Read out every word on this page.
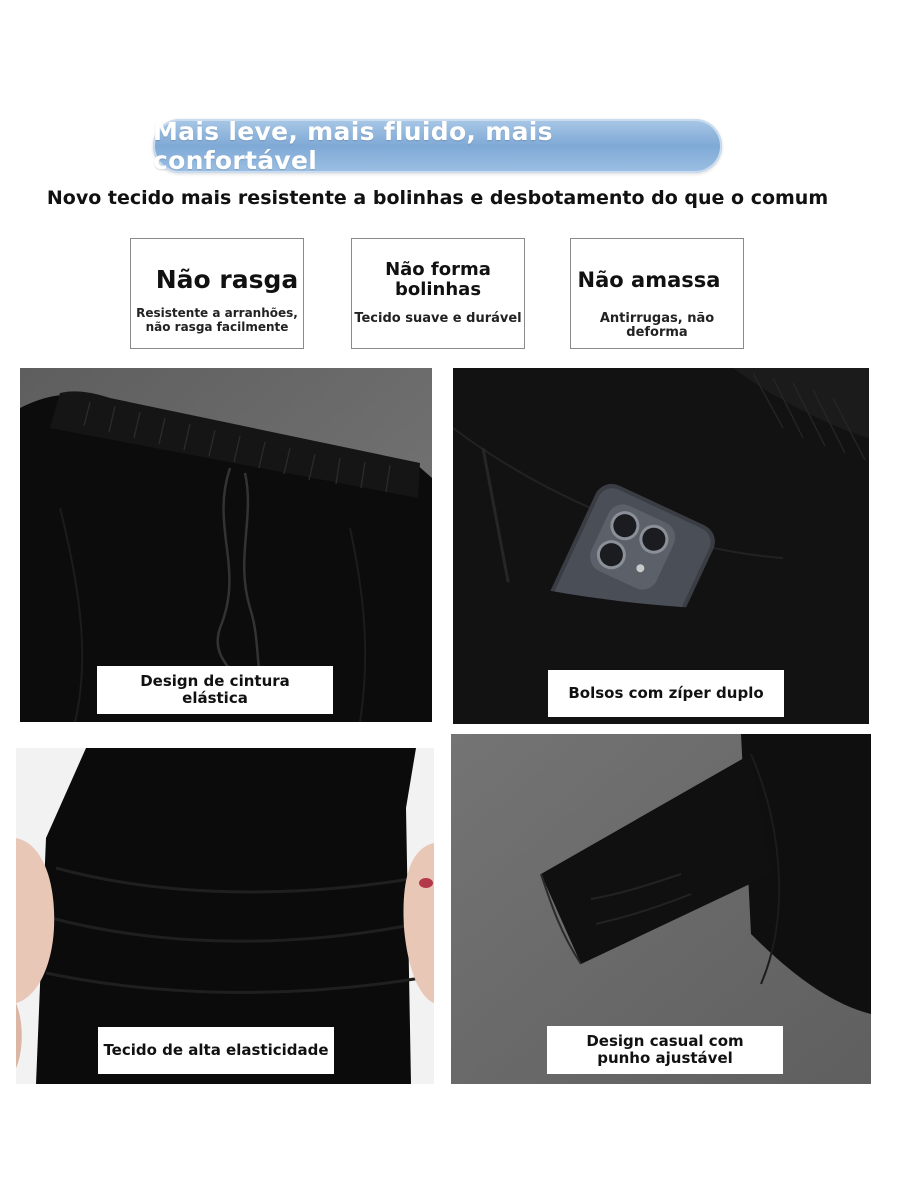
Mais leve, mais fluido, mais confortável
Novo tecido mais resistente a bolinhas e desbotamento do que o comum
Não rasga
Resistente a arranhões,
não rasga facilmente
Não forma
bolinhas
Tecido suave e durável
Não amassa
Antirrugas, não deforma
Design de cintura
elástica	Bolsos com zíper duplo
Tecido de alta elasticidade	Design casual com
punho ajustável
